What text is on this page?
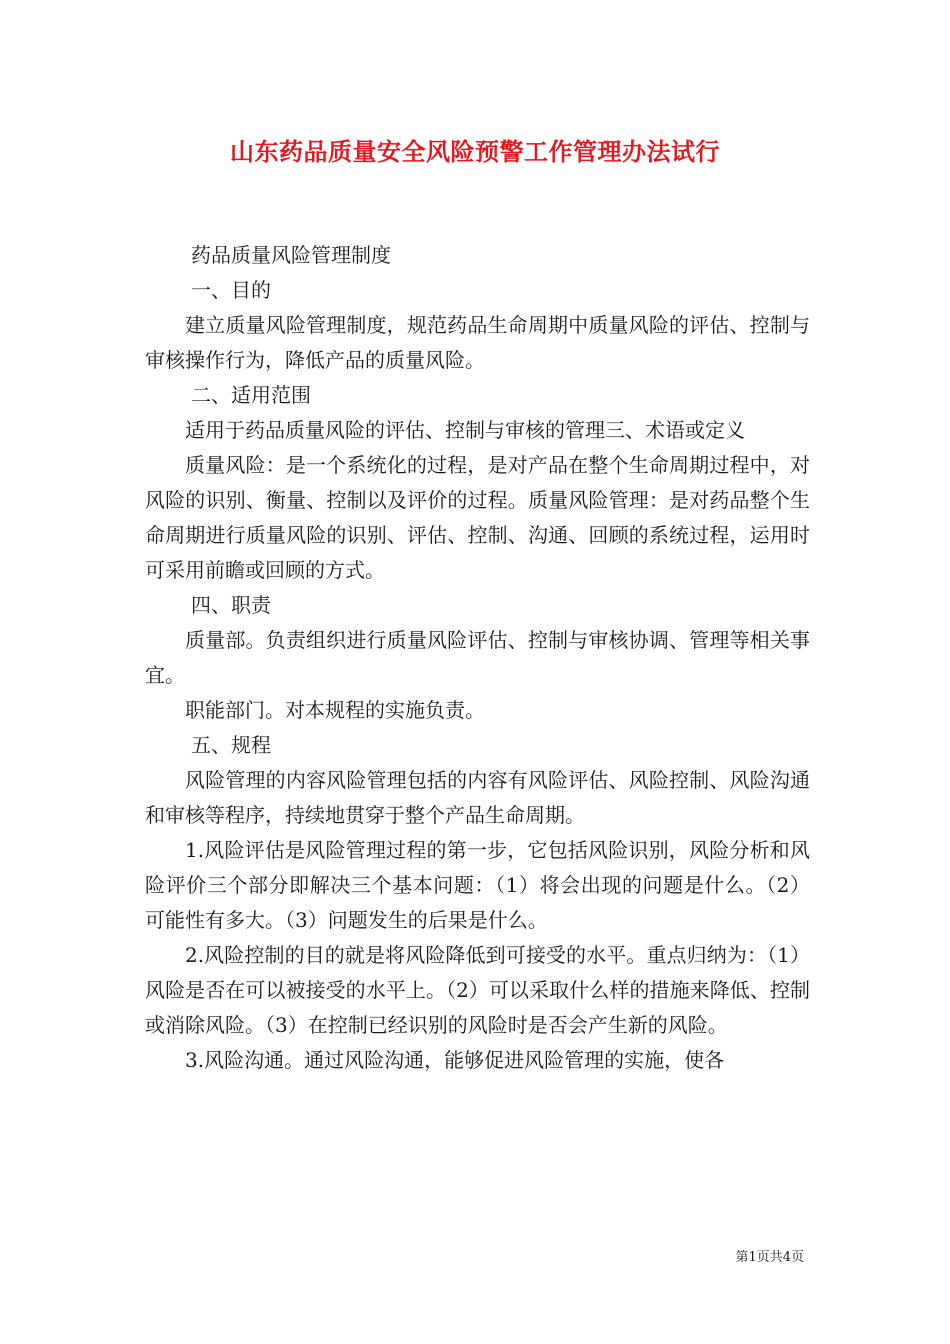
山东药品质量安全风险预警工作管理办法试行

药品质量风险管理制度

一、目的

建立质量风险管理制度，规范药品生命周期中质量风险的评估、控制与审核操作行为，降低产品的质量风险。

二、适用范围

适用于药品质量风险的评估、控制与审核的管理三、术语或定义

质量风险：是一个系统化的过程，是对产品在整个生命周期过程中，对风险的识别、衡量、控制以及评价的过程。质量风险管理：是对药品整个生命周期进行质量风险的识别、评估、控制、沟通、回顾的系统过程，运用时可采用前瞻或回顾的方式。

四、职责

质量部。负责组织进行质量风险评估、控制与审核协调、管理等相关事宜。

职能部门。对本规程的实施负责。

五、规程

风险管理的内容风险管理包括的内容有风险评估、风险控制、风险沟通和审核等程序，持续地贯穿于整个产品生命周期。

1.风险评估是风险管理过程的第一步，它包括风险识别，风险分析和风险评价三个部分即解决三个基本问题：（1）将会出现的问题是什么。（2）可能性有多大。（3）问题发生的后果是什么。

2.风险控制的目的就是将风险降低到可接受的水平。重点归纳为：（1）风险是否在可以被接受的水平上。（2）可以采取什么样的措施来降低、控制或消除风险。（3）在控制已经识别的风险时是否会产生新的风险。

3.风险沟通。通过风险沟通，能够促进风险管理的实施，使各

第1页共4页
